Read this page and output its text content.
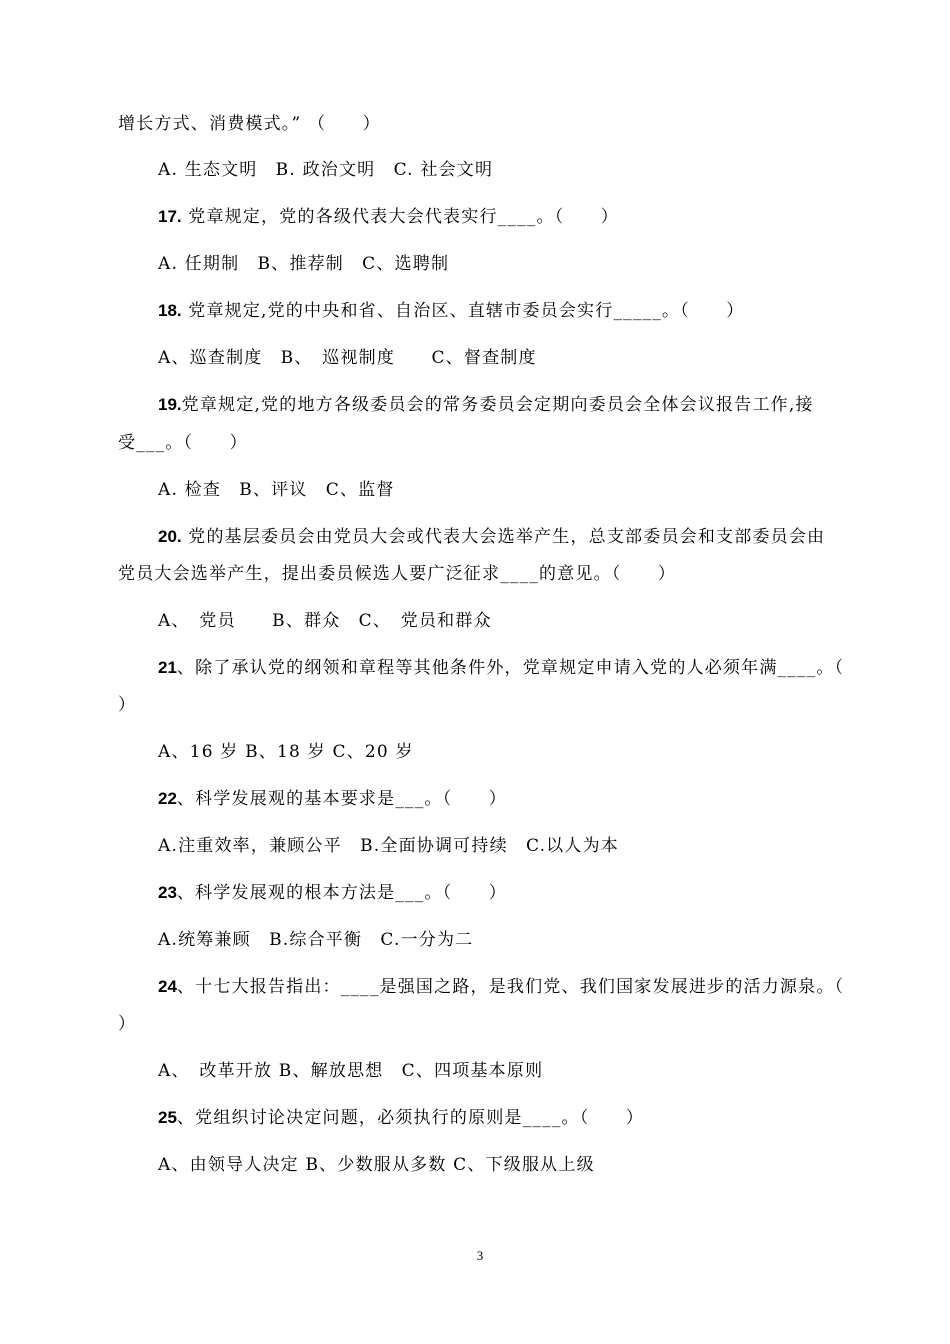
增长方式、消费模式。” （　　）
A. 生态文明　B. 政治文明　C. 社会文明
17. 党章规定，党的各级代表大会代表实行____。（　　）
A. 任期制　B、推荐制　C、选聘制
18. 党章规定,党的中央和省、自治区、直辖市委员会实行_____。（　　）
A、巡查制度　B、　巡视制度　　C、督查制度
19.党章规定,党的地方各级委员会的常务委员会定期向委员会全体会议报告工作,接
受___。（　　）
A. 检查　B、评议　C、监督
20. 党的基层委员会由党员大会或代表大会选举产生，总支部委员会和支部委员会由
党员大会选举产生，提出委员候选人要广泛征求____的意见。（　　）
A、　党员　　B、群众　C、　党员和群众
21、除了承认党的纲领和章程等其他条件外，党章规定申请入党的人必须年满____。（
）
A、16 岁 B、18 岁 C、20 岁
22、科学发展观的基本要求是___。（　　）
A.注重效率，兼顾公平　B.全面协调可持续　C.以人为本
23、科学发展观的根本方法是___。（　　）
A.统筹兼顾　B.综合平衡　C.一分为二
24、十七大报告指出：____是强国之路，是我们党、我们国家发展进步的活力源泉。（
）
A、　改革开放 B、解放思想　C、四项基本原则
25、党组织讨论决定问题，必须执行的原则是____。（　　）
A、由领导人决定 B、少数服从多数 C、下级服从上级
3
